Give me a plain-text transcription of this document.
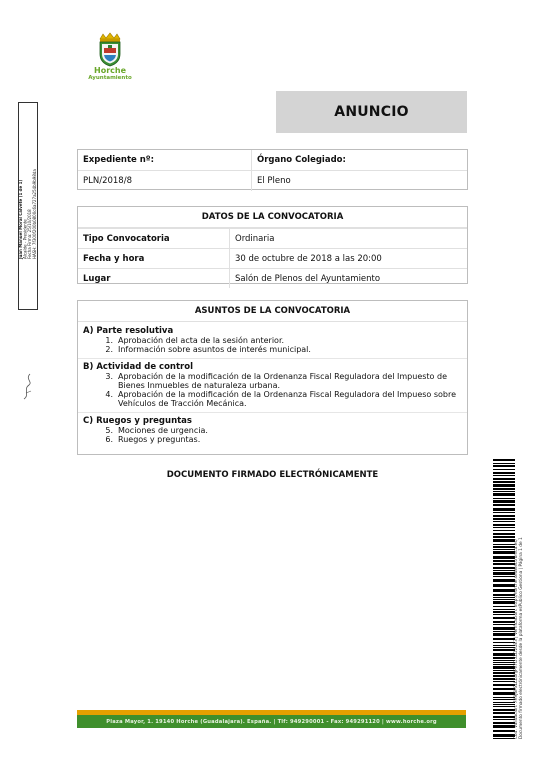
Horche
Ayuntamiento
Juan Manuel Moral Calvete (1 de 1) Alcalde - Presidente Fecha Firma: 25/10/2018 HASH: 7f300f200b0800c6a727a254b9b98da
ANUNCIO
Expediente nº:	Órgano Colegiado:
PLN/2018/8	El Pleno
DATOS DE LA CONVOCATORIA
Tipo Convocatoria	Ordinaria
Fecha y hora	30 de octubre de 2018 a las 20:00
Lugar	Salón de Plenos del Ayuntamiento
ASUNTOS DE LA CONVOCATORIA
A) Parte resolutiva
1. Aprobación del acta de la sesión anterior.
2. Información sobre asuntos de interés municipal.
B) Actividad de control
3. Aprobación de la modificación de la Ordenanza Fiscal Reguladora del Impuesto de Bienes Inmuebles de naturaleza urbana.
4. Aprobación de la modificación de la Ordenanza Fiscal Reguladora del Impueso sobre Vehículos de Tracción Mecánica.
C) Ruegos y preguntas
5. Mociones de urgencia.
6. Ruegos y preguntas.
DOCUMENTO FIRMADO ELECTRÓNICAMENTE
Cód. Validación: 7R9J6PSLLZ4hJPXYD5ZD2UE3 | Verificación: http://horche.sedelectronica.es/ Documento firmado electrónicamente desde la plataforma esPublico Gestiona | Página 1 de 1
Plaza Mayor, 1. 19140 Horche (Guadalajara). España. | Tlf: 949290001 - Fax: 949291120 | www.horche.org
